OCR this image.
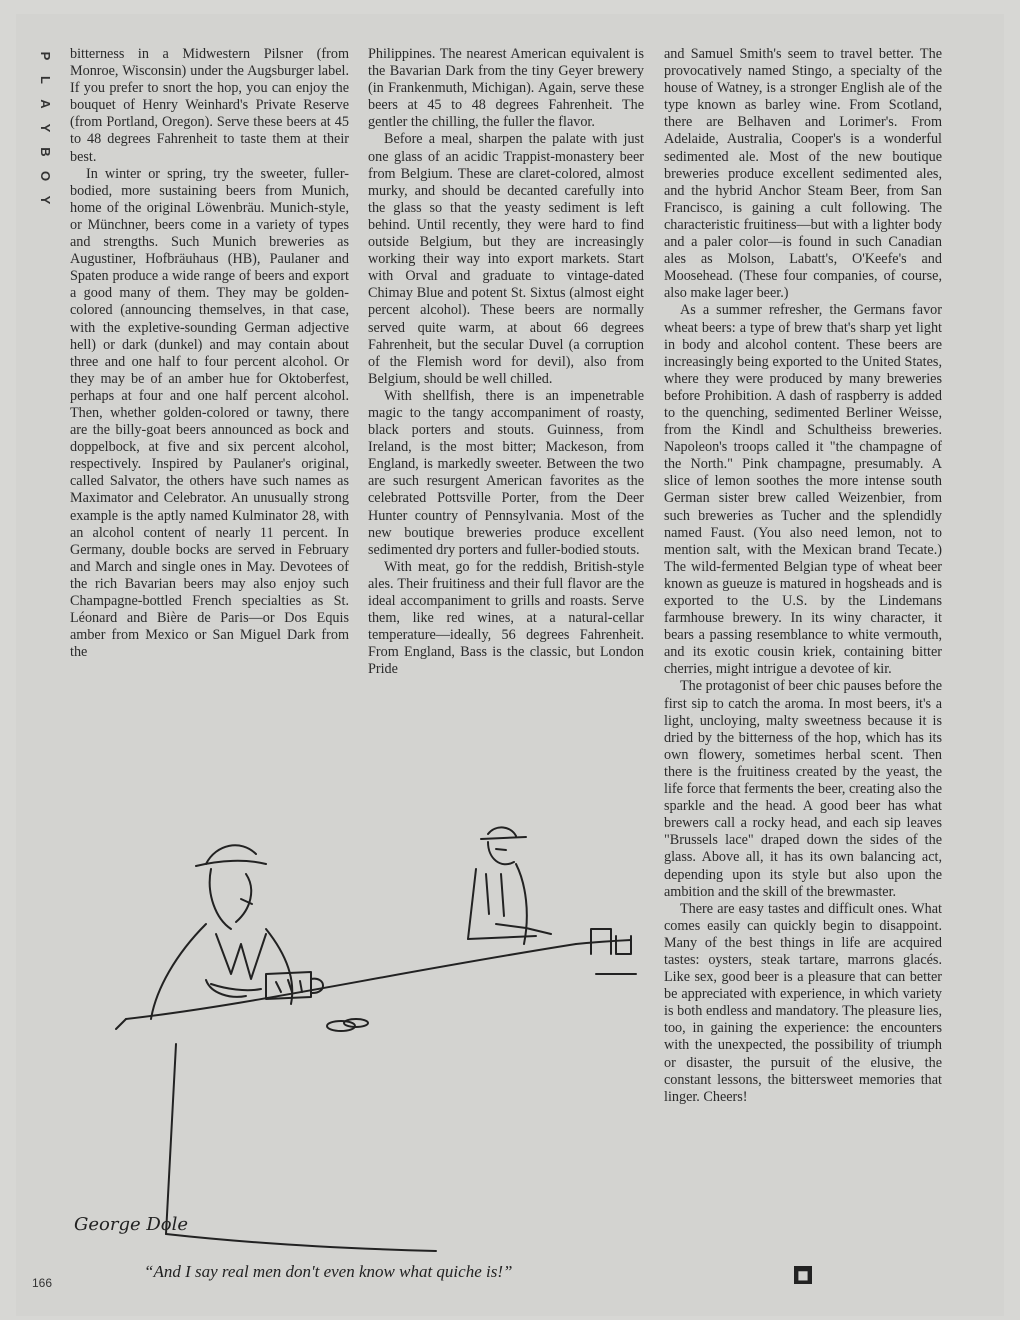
P
L
A
Y
B
O
Y

bitterness in a Midwestern Pilsner (from Monroe, Wisconsin) under the Augsburger label. If you prefer to snort the hop, you can enjoy the bouquet of Henry Weinhard's Private Reserve (from Portland, Oregon). Serve these beers at 45 to 48 degrees Fahrenheit to taste them at their best.

In winter or spring, try the sweeter, fuller-bodied, more sustaining beers from Munich, home of the original Löwenbräu. Munich-style, or Münchner, beers come in a variety of types and strengths. Such Munich breweries as Augustiner, Hofbräuhaus (HB), Paulaner and Spaten produce a wide range of beers and export a good many of them. They may be golden-colored (announcing themselves, in that case, with the expletive-sounding German adjective hell) or dark (dunkel) and may contain about three and one half to four percent alcohol. Or they may be of an amber hue for Oktoberfest, perhaps at four and one half percent alcohol. Then, whether golden-colored or tawny, there are the billy-goat beers announced as bock and doppelbock, at five and six percent alcohol, respectively. Inspired by Paulaner's original, called Salvator, the others have such names as Maximator and Celebrator. An unusually strong example is the aptly named Kulminator 28, with an alcohol content of nearly 11 percent. In Germany, double bocks are served in February and March and single ones in May. Devotees of the rich Bavarian beers may also enjoy such Champagne-bottled French specialties as St. Léonard and Bière de Paris—or Dos Equis amber from Mexico or San Miguel Dark from the

Philippines. The nearest American equivalent is the Bavarian Dark from the tiny Geyer brewery (in Frankenmuth, Michigan). Again, serve these beers at 45 to 48 degrees Fahrenheit. The gentler the chilling, the fuller the flavor.

Before a meal, sharpen the palate with just one glass of an acidic Trappist-monastery beer from Belgium. These are claret-colored, almost murky, and should be decanted carefully into the glass so that the yeasty sediment is left behind. Until recently, they were hard to find outside Belgium, but they are increasingly working their way into export markets. Start with Orval and graduate to vintage-dated Chimay Blue and potent St. Sixtus (almost eight percent alcohol). These beers are normally served quite warm, at about 66 degrees Fahrenheit, but the secular Duvel (a corruption of the Flemish word for devil), also from Belgium, should be well chilled.

With shellfish, there is an impenetrable magic to the tangy accompaniment of roasty, black porters and stouts. Guinness, from Ireland, is the most bitter; Mackeson, from England, is markedly sweeter. Between the two are such resurgent American favorites as the celebrated Pottsville Porter, from the Deer Hunter country of Pennsylvania. Most of the new boutique breweries produce excellent sedimented dry porters and fuller-bodied stouts.

With meat, go for the reddish, British-style ales. Their fruitiness and their full flavor are the ideal accompaniment to grills and roasts. Serve them, like red wines, at a natural-cellar temperature—ideally, 56 degrees Fahrenheit. From England, Bass is the classic, but London Pride

and Samuel Smith's seem to travel better. The provocatively named Stingo, a specialty of the house of Watney, is a stronger English ale of the type known as barley wine. From Scotland, there are Belhaven and Lorimer's. From Adelaide, Australia, Cooper's is a wonderful sedimented ale. Most of the new boutique breweries produce excellent sedimented ales, and the hybrid Anchor Steam Beer, from San Francisco, is gaining a cult following. The characteristic fruitiness—but with a lighter body and a paler color—is found in such Canadian ales as Molson, Labatt's, O'Keefe's and Moosehead. (These four companies, of course, also make lager beer.)

As a summer refresher, the Germans favor wheat beers: a type of brew that's sharp yet light in body and alcohol content. These beers are increasingly being exported to the United States, where they were produced by many breweries before Prohibition. A dash of raspberry is added to the quenching, sedimented Berliner Weisse, from the Kindl and Schultheiss breweries. Napoleon's troops called it "the champagne of the North." Pink champagne, presumably. A slice of lemon soothes the more intense south German sister brew called Weizenbier, from such breweries as Tucher and the splendidly named Faust. (You also need lemon, not to mention salt, with the Mexican brand Tecate.) The wild-fermented Belgian type of wheat beer known as gueuze is matured in hogsheads and is exported to the U.S. by the Lindemans farmhouse brewery. In its winy character, it bears a passing resemblance to white vermouth, and its exotic cousin kriek, containing bitter cherries, might intrigue a devotee of kir.

The protagonist of beer chic pauses before the first sip to catch the aroma. In most beers, it's a light, uncloying, malty sweetness because it is dried by the bitterness of the hop, which has its own flowery, sometimes herbal scent. Then there is the fruitiness created by the yeast, the life force that ferments the beer, creating also the sparkle and the head. A good beer has what brewers call a rocky head, and each sip leaves "Brussels lace" draped down the sides of the glass. Above all, it has its own balancing act, depending upon its style but also upon the ambition and the skill of the brewmaster.

There are easy tastes and difficult ones. What comes easily can quickly begin to disappoint. Many of the best things in life are acquired tastes: oysters, steak tartare, marrons glacés. Like sex, good beer is a pleasure that can better be appreciated with experience, in which variety is both endless and mandatory. The pleasure lies, too, in gaining the experience: the encounters with the unexpected, the possibility of triumph or disaster, the pursuit of the elusive, the constant lessons, the bittersweet memories that linger. Cheers!

George Dole
“And I say real men don't even know what quiche is!”
166
■
